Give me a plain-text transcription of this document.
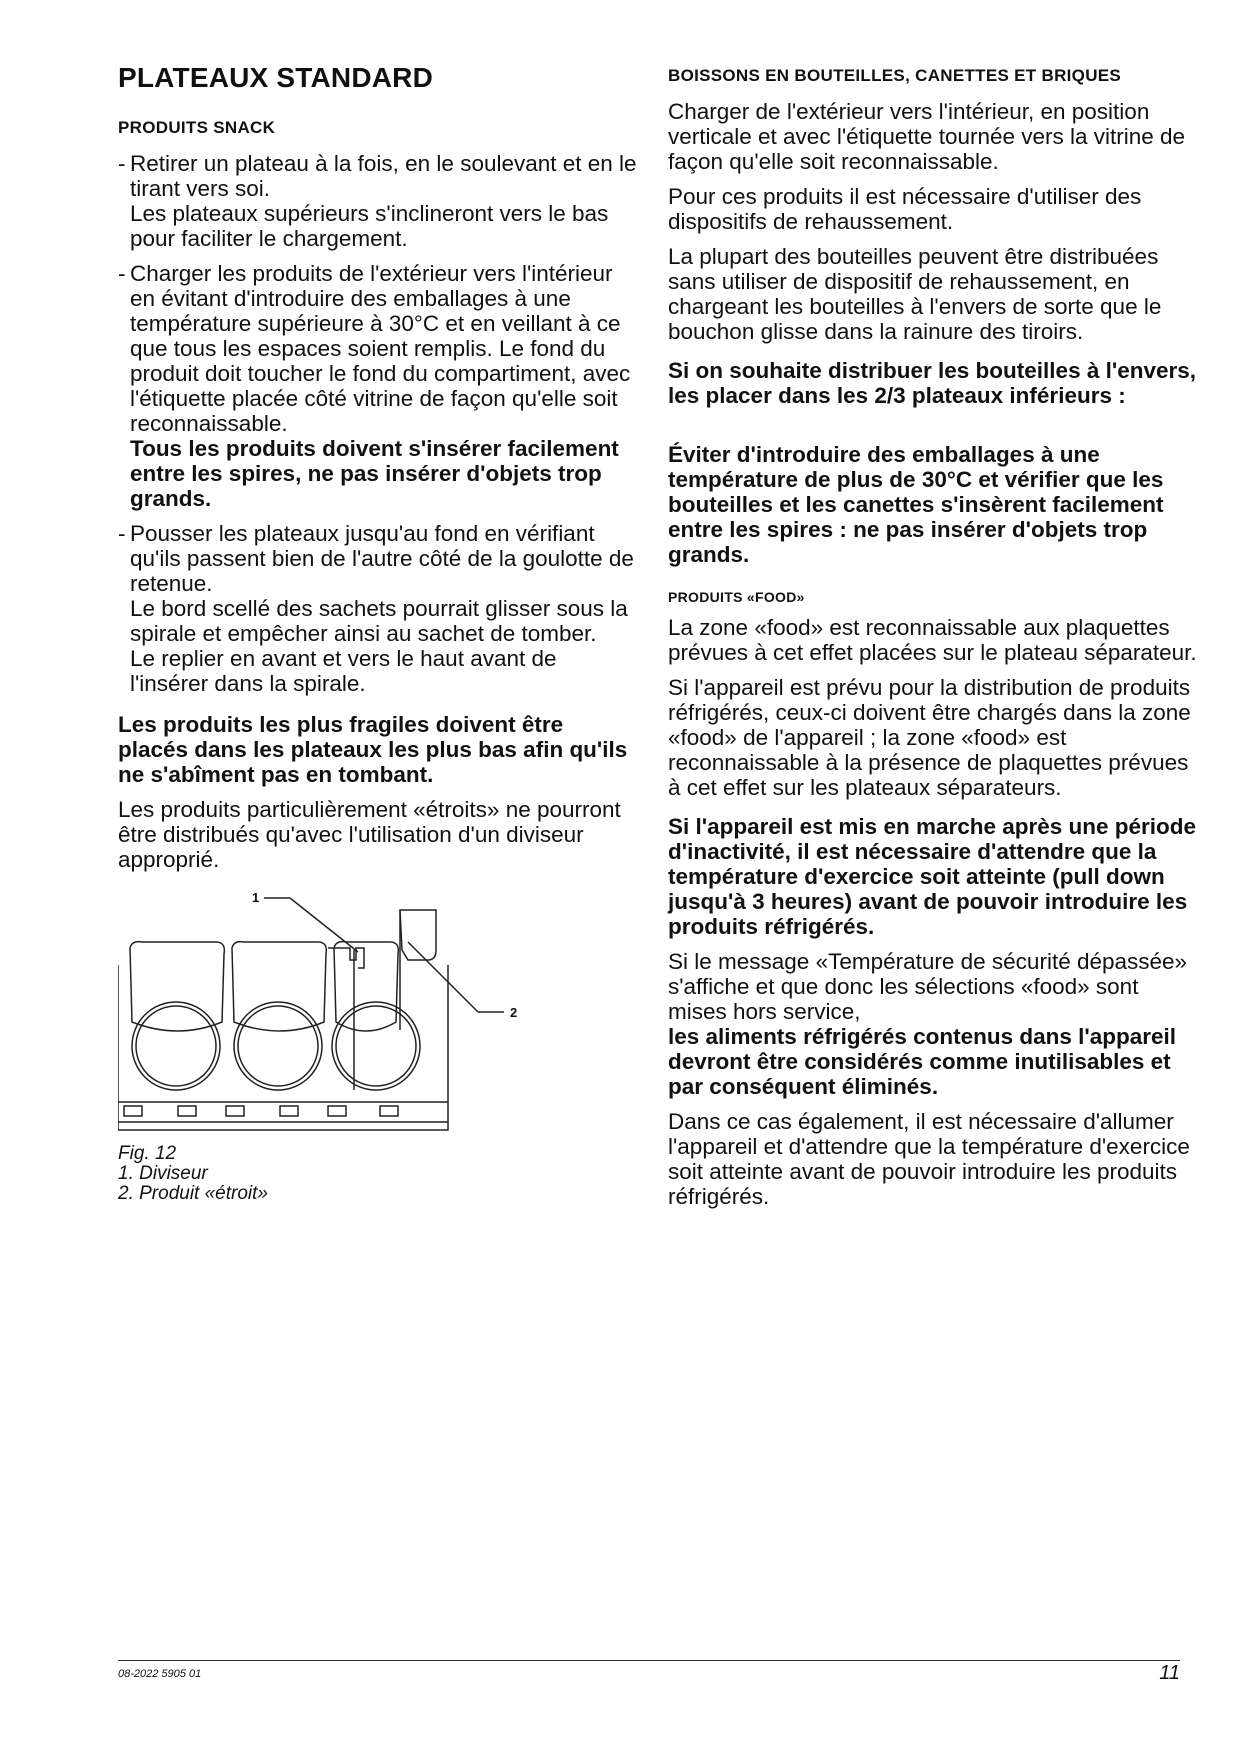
PLATEAUX STANDARD
PRODUITS SNACK
- Retirer un plateau à la fois, en le soulevant et en le tirant vers soi.

Les plateaux supérieurs s'inclineront vers le bas pour faciliter le chargement.

- Charger les produits de l'extérieur vers l'intérieur en évitant d'introduire des emballages à une température supérieure à 30°C et en veillant à ce que tous les espaces soient remplis. Le fond du produit doit toucher le fond du compartiment, avec l'étiquette placée côté vitrine de façon qu'elle soit reconnaissable.

Tous les produits doivent s'insérer facilement entre les spires, ne pas insérer d'objets trop grands.

- Pousser les plateaux jusqu'au fond en vérifiant qu'ils passent bien de l'autre côté de la goulotte de retenue.

Le bord scellé des sachets pourrait glisser sous la spirale et empêcher ainsi au sachet de tomber.

Le replier en avant et vers le haut avant de l'insérer dans la spirale.

Les produits les plus fragiles doivent être placés dans les plateaux les plus bas afin qu'ils ne s'abîment pas en tombant.

Les produits particulièrement «étroits» ne pourront être distribués qu'avec l'utilisation d'un diviseur approprié.

1
2

Fig. 12

1. Diviseur

2. Produit «étroit»

BOISSONS EN BOUTEILLES, CANETTES ET BRIQUES

Charger de l'extérieur vers l'intérieur, en position verticale et avec l'étiquette tournée vers la vitrine de façon qu'elle soit reconnaissable.

Pour ces produits il est nécessaire d'utiliser des dispositifs de rehaussement.

La plupart des bouteilles peuvent être distribuées sans utiliser de dispositif de rehaussement, en chargeant les bouteilles à l'envers de sorte que le bouchon glisse dans la rainure des tiroirs.

Si on souhaite distribuer les bouteilles à l'envers, les placer dans les 2/3 plateaux inférieurs :

Éviter d'introduire des emballages à une température de plus de 30°C et vérifier que les bouteilles et les canettes s'insèrent facilement entre les spires : ne pas insérer d'objets trop grands.

PRODUITS «FOOD»

La zone «food» est reconnaissable aux plaquettes prévues à cet effet placées sur le plateau séparateur.

Si l'appareil est prévu pour la distribution de produits réfrigérés, ceux-ci doivent être chargés dans la zone «food» de l'appareil ; la zone «food» est reconnaissable à la présence de plaquettes prévues à cet effet sur les plateaux séparateurs.

Si l'appareil est mis en marche après une période d'inactivité, il est nécessaire d'attendre que la température d'exercice soit atteinte (pull down jusqu'à 3 heures) avant de pouvoir introduire les produits réfrigérés.

Si le message «Température de sécurité dépassée» s'affiche et que donc les sélections «food» sont mises hors service,

les aliments réfrigérés contenus dans l'appareil devront être considérés comme inutilisables et par conséquent éliminés.

Dans ce cas également, il est nécessaire d'allumer l'appareil et d'attendre que la température d'exercice soit atteinte avant de pouvoir introduire les produits réfrigérés.

08-2022 5905 01	11
